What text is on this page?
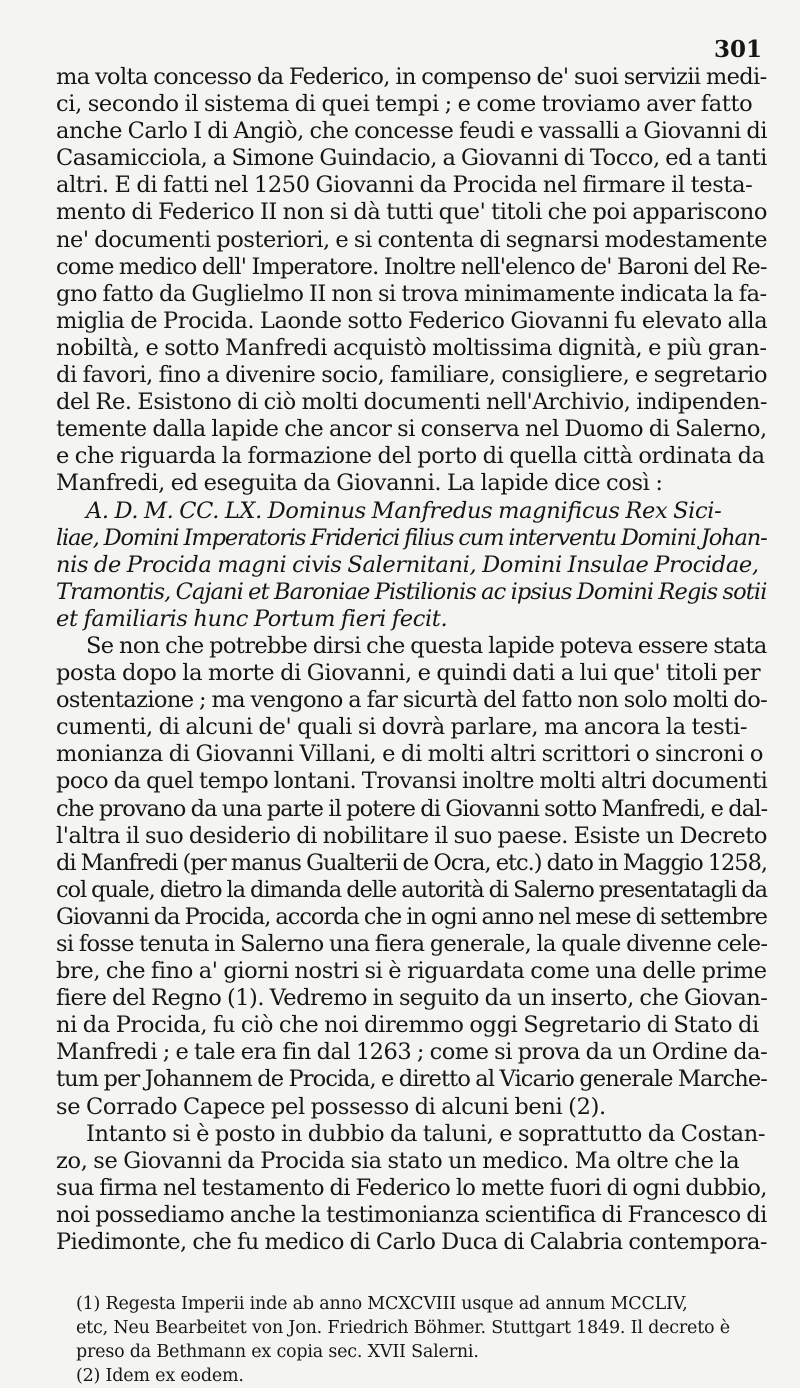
301
ma volta concesso da Federico, in compenso de' suoi servizii medi-
ci, secondo il sistema di quei tempi ; e come troviamo aver fatto
anche Carlo I di Angiò, che concesse feudi e vassalli a Giovanni di
Casamicciola, a Simone Guindacio, a Giovanni di Tocco, ed a tanti
altri. E di fatti nel 1250 Giovanni da Procida nel firmare il testa-
mento di Federico II non si dà tutti que' titoli che poi appariscono
ne' documenti posteriori, e si contenta di segnarsi modestamente
come medico dell' Imperatore. Inoltre nell'elenco de' Baroni del Re-
gno fatto da Guglielmo II non si trova minimamente indicata la fa-
miglia de Procida. Laonde sotto Federico Giovanni fu elevato alla
nobiltà, e sotto Manfredi acquistò moltissima dignità, e più gran-
di favori, fino a divenire socio, familiare, consigliere, e segretario
del Re. Esistono di ciò molti documenti nell'Archivio, indipenden-
temente dalla lapide che ancor si conserva nel Duomo di Salerno,
e che riguarda la formazione del porto di quella città ordinata da
Manfredi, ed eseguita da Giovanni. La lapide dice così :
A. D. M. CC. LX. Dominus Manfredus magnificus Rex Sici-
liae, Domini Imperatoris Friderici filius cum interventu Domini Johan-
nis de Procida magni civis Salernitani, Domini Insulae Procidae,
Tramontis, Cajani et Baroniae Pistilionis ac ipsius Domini Regis sotii
et familiaris hunc Portum fieri fecit.
Se non che potrebbe dirsi che questa lapide poteva essere stata
posta dopo la morte di Giovanni, e quindi dati a lui que' titoli per
ostentazione ; ma vengono a far sicurtà del fatto non solo molti do-
cumenti, di alcuni de' quali si dovrà parlare, ma ancora la testi-
monianza di Giovanni Villani, e di molti altri scrittori o sincroni o
poco da quel tempo lontani. Trovansi inoltre molti altri documenti
che provano da una parte il potere di Giovanni sotto Manfredi, e dal-
l'altra il suo desiderio di nobilitare il suo paese. Esiste un Decreto
di Manfredi (per manus Gualterii de Ocra, etc.) dato in Maggio 1258,
col quale, dietro la dimanda delle autorità di Salerno presentatagli da
Giovanni da Procida, accorda che in ogni anno nel mese di settembre
si fosse tenuta in Salerno una fiera generale, la quale divenne cele-
bre, che fino a' giorni nostri si è riguardata come una delle prime
fiere del Regno (1). Vedremo in seguito da un inserto, che Giovan-
ni da Procida, fu ciò che noi diremmo oggi Segretario di Stato di
Manfredi ; e tale era fin dal 1263 ; come si prova da un Ordine da-
tum per Johannem de Procida, e diretto al Vicario generale Marche-
se Corrado Capece pel possesso di alcuni beni (2).
Intanto si è posto in dubbio da taluni, e soprattutto da Costan-
zo, se Giovanni da Procida sia stato un medico. Ma oltre che la
sua firma nel testamento di Federico lo mette fuori di ogni dubbio,
noi possediamo anche la testimonianza scientifica di Francesco di
Piedimonte, che fu medico di Carlo Duca di Calabria contempora-
(1) Regesta Imperii inde ab anno MCXCVIII usque ad annum MCCLIV,
etc, Neu Bearbeitet von Jon. Friedrich Böhmer. Stuttgart 1849. Il decreto è
preso da Bethmann ex copia sec. XVII Salerni.
(2) Idem ex eodem.
